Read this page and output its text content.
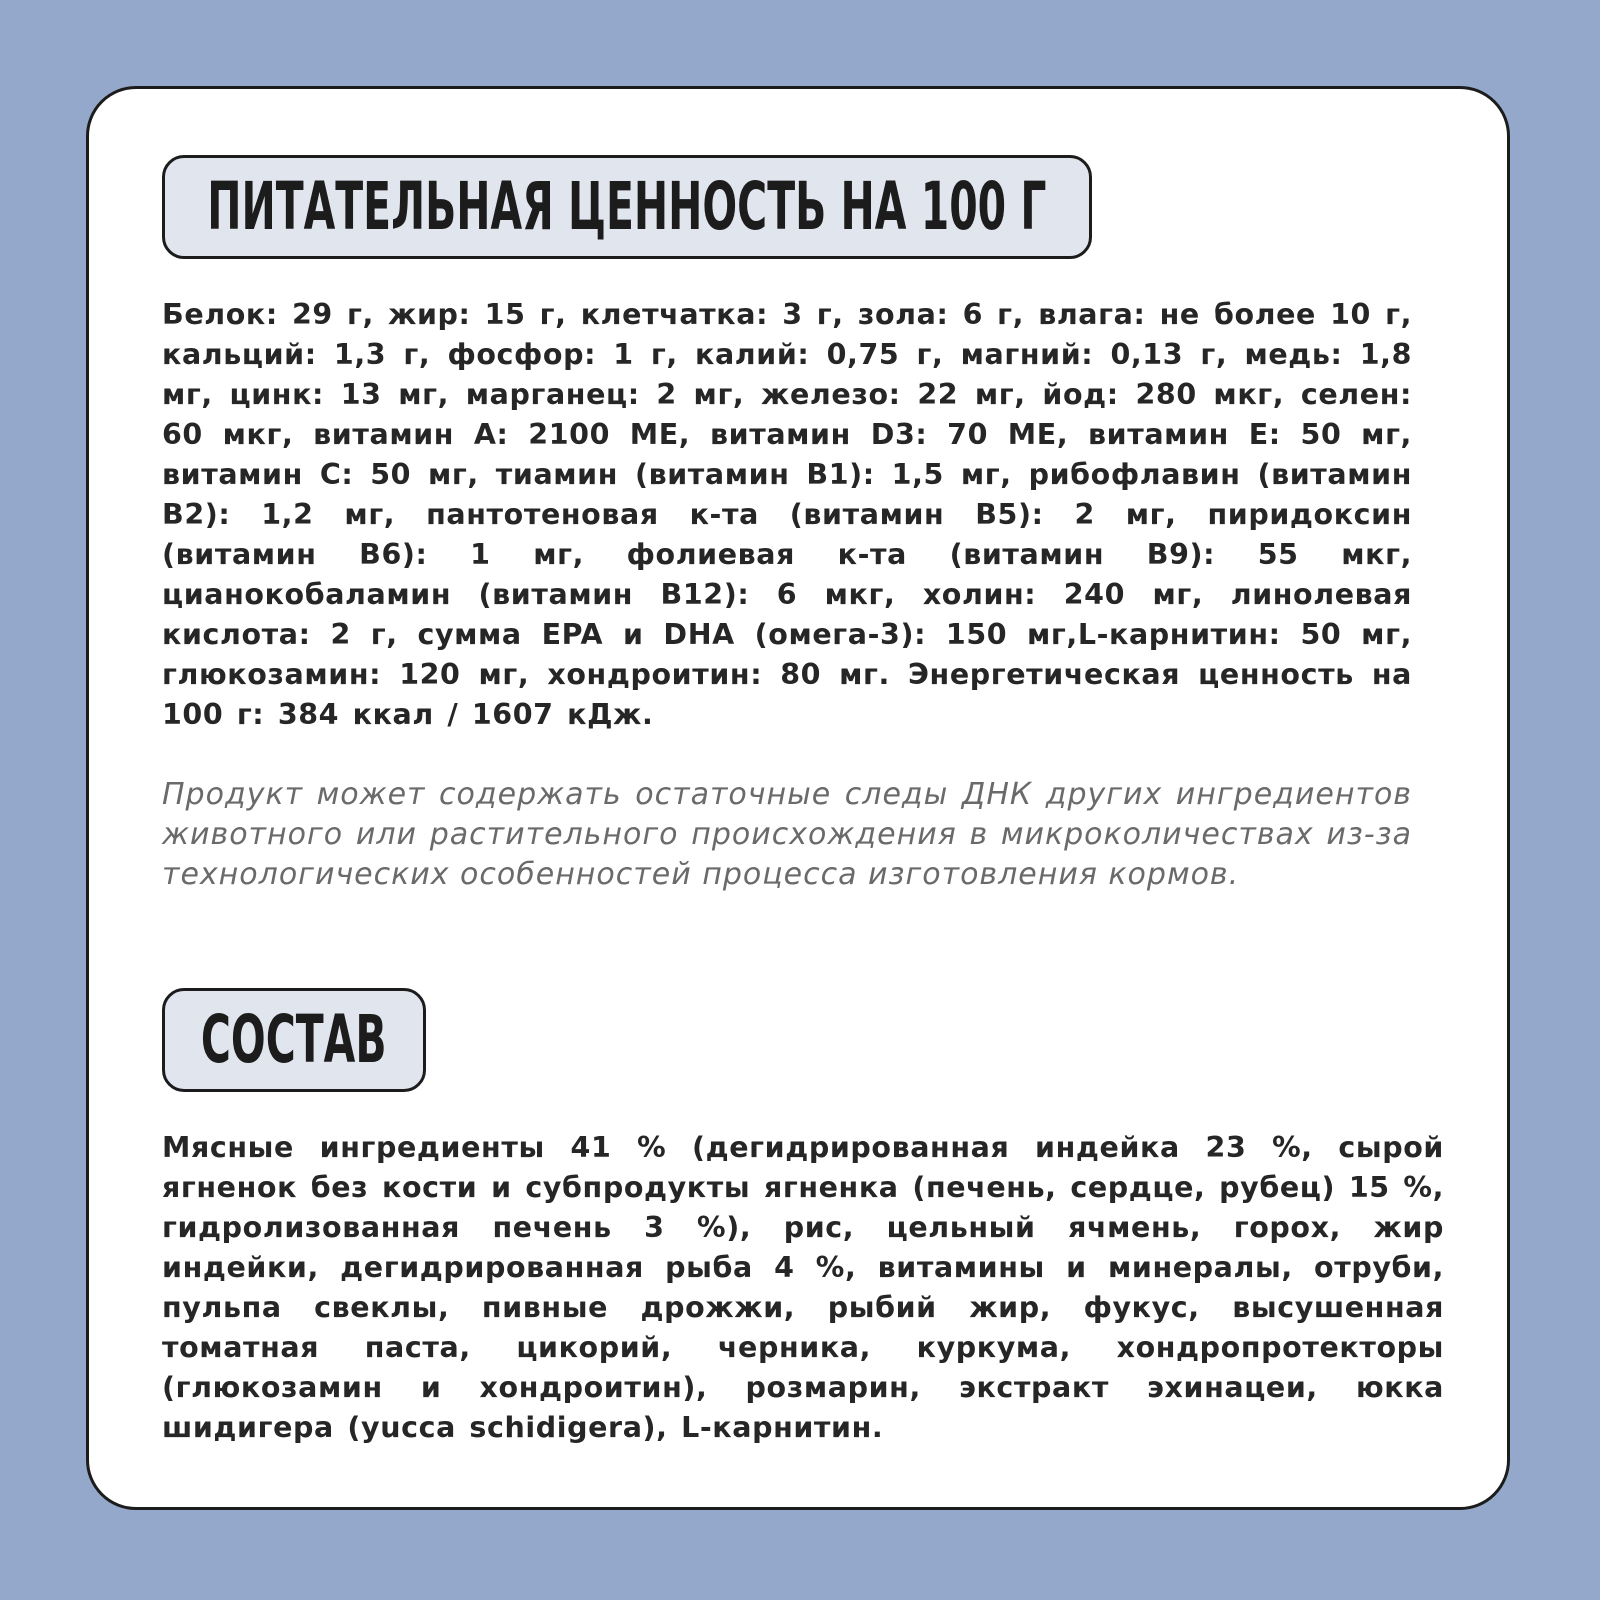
ПИТАТЕЛЬНАЯ ЦЕННОСТЬ НА 100 Г

Белок: 29 г, жир: 15 г, клетчатка: 3 г, зола: 6 г, влага: не более 10 г, кальций: 1,3 г, фосфор: 1 г, калий: 0,75 г, магний: 0,13 г, медь: 1,8 мг, цинк: 13 мг, марганец: 2 мг, железо: 22 мг, йод: 280 мкг, селен: 60 мкг, витамин А: 2100 МЕ, витамин D3: 70 МЕ, витамин Е: 50 мг, витамин С: 50 мг, тиамин (витамин B1): 1,5 мг, рибофлавин (витамин B2): 1,2 мг, пантотеновая к-та (витамин B5): 2 мг, пиридоксин (витамин B6): 1 мг, фолиевая к-та (витамин B9): 55 мкг, цианокобаламин (витамин B12): 6 мкг, холин: 240 мг, линолевая кислота: 2 г, сумма EPA и DHA (омега-3): 150 мг,L-карнитин: 50 мг, глюкозамин: 120 мг, хондроитин: 80 мг. Энергетическая ценность на 100 г: 384 ккал / 1607 кДж.

Продукт может содержать остаточные следы ДНК других ингредиентов животного или растительного происхождения в микроколичествах из-за технологических особенностей процесса изготовления кормов.

СОСТАВ

Мясные ингредиенты 41 % (дегидрированная индейка 23 %, сырой ягненок без кости и субпродукты ягненка (печень, сердце, рубец) 15 %, гидролизованная печень 3 %), рис, цельный ячмень, горох, жир индейки, дегидрированная рыба 4 %, витамины и минералы, отруби, пульпа свеклы, пивные дрожжи, рыбий жир, фукус, высушенная томатная паста, цикорий, черника, куркума, хондропротекторы (глюкозамин и хондроитин), розмарин, экстракт эхинацеи, юкка шидигера (yucca schidigera), L-карнитин.
